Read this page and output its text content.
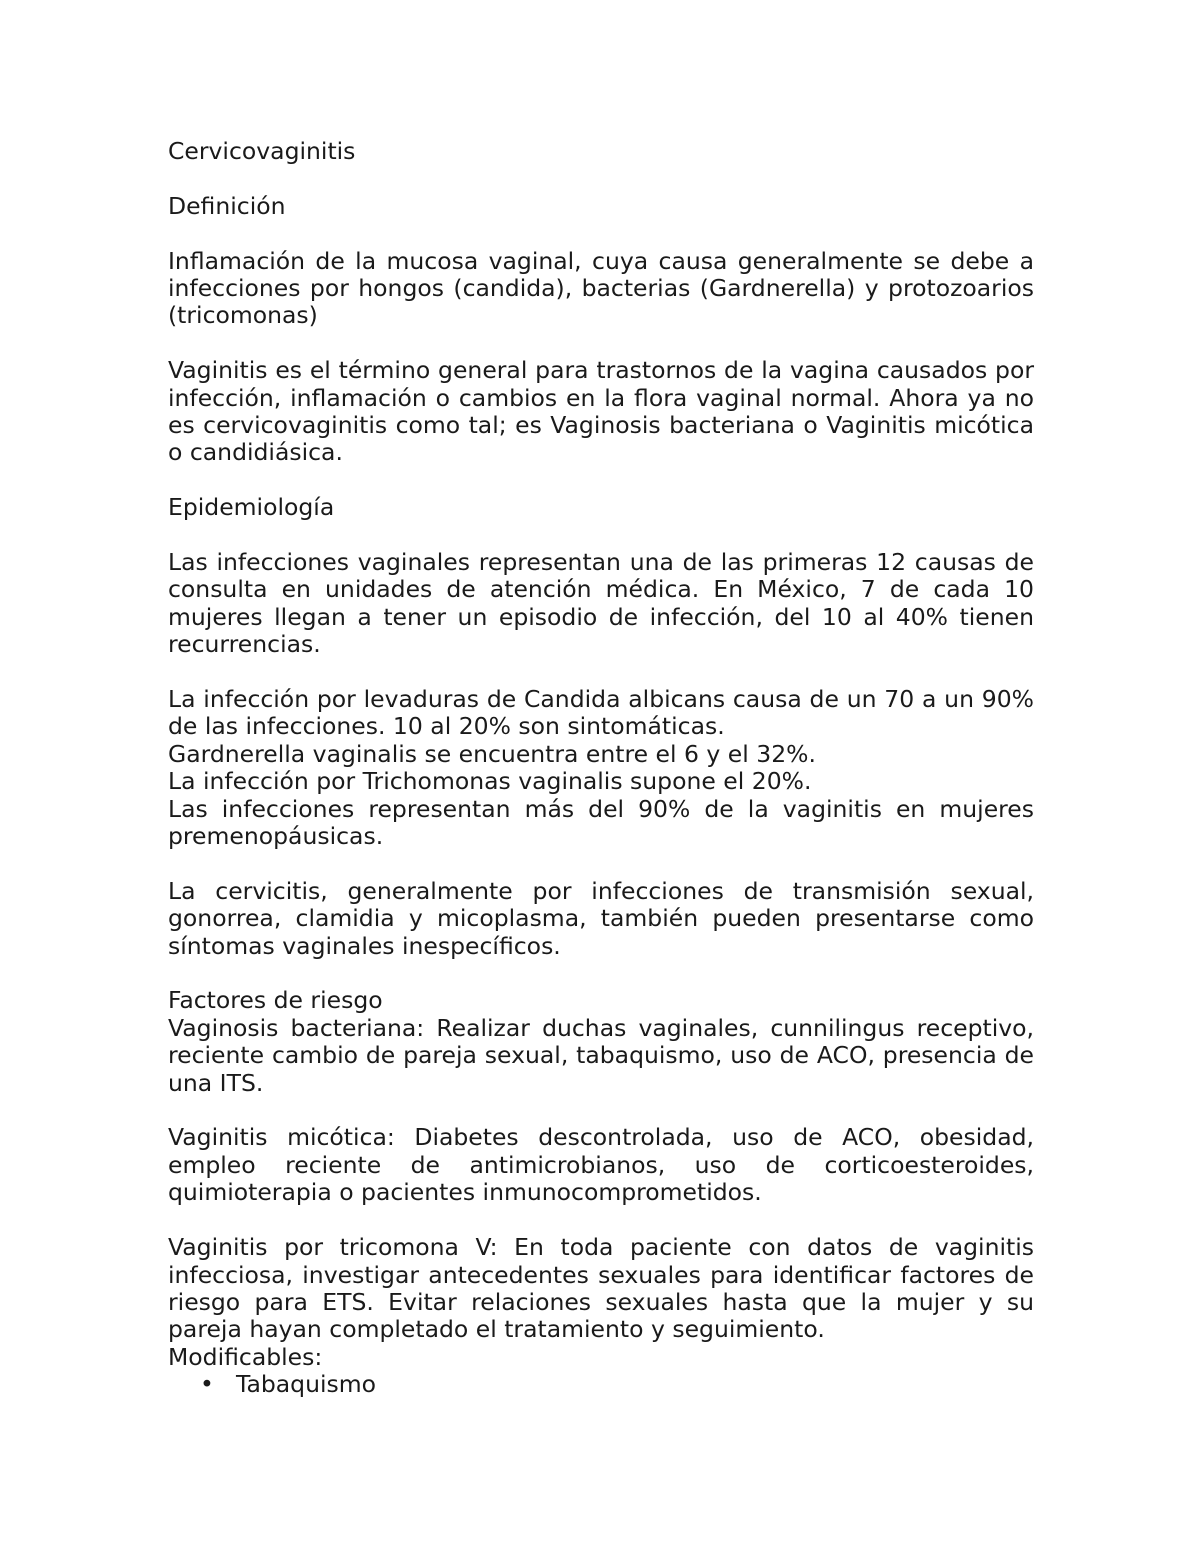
Cervicovaginitis

Definición

Inflamación de la mucosa vaginal, cuya causa generalmente se debe a infecciones por hongos (candida), bacterias (Gardnerella) y protozoarios (tricomonas)

Vaginitis es el término general para trastornos de la vagina causados por infección, inflamación o cambios en la flora vaginal normal. Ahora ya no es cervicovaginitis como tal; es Vaginosis bacteriana o Vaginitis micótica o candidiásica.

Epidemiología

Las infecciones vaginales representan una de las primeras 12 causas de consulta en unidades de atención médica. En México, 7 de cada 10 mujeres llegan a tener un episodio de infección, del 10 al 40% tienen recurrencias.

La infección por levaduras de Candida albicans causa de un 70 a un 90% de las infecciones. 10 al 20% son sintomáticas.

Gardnerella vaginalis se encuentra entre el 6 y el 32%.

La infección por Trichomonas vaginalis supone el 20%.

Las infecciones representan más del 90% de la vaginitis en mujeres premenopáusicas.

La cervicitis, generalmente por infecciones de transmisión sexual, gonorrea, clamidia y micoplasma, también pueden presentarse como síntomas vaginales inespecíficos.

Factores de riesgo

Vaginosis bacteriana: Realizar duchas vaginales, cunnilingus receptivo, reciente cambio de pareja sexual, tabaquismo, uso de ACO, presencia de una ITS.

Vaginitis micótica: Diabetes descontrolada, uso de ACO, obesidad, empleo reciente de antimicrobianos, uso de corticoesteroides, quimioterapia o pacientes inmunocomprometidos.

Vaginitis por tricomona V: En toda paciente con datos de vaginitis infecciosa, investigar antecedentes sexuales para identificar factores de riesgo para ETS. Evitar relaciones sexuales hasta que la mujer y su pareja hayan completado el tratamiento y seguimiento.

Modificables:

• Tabaquismo
